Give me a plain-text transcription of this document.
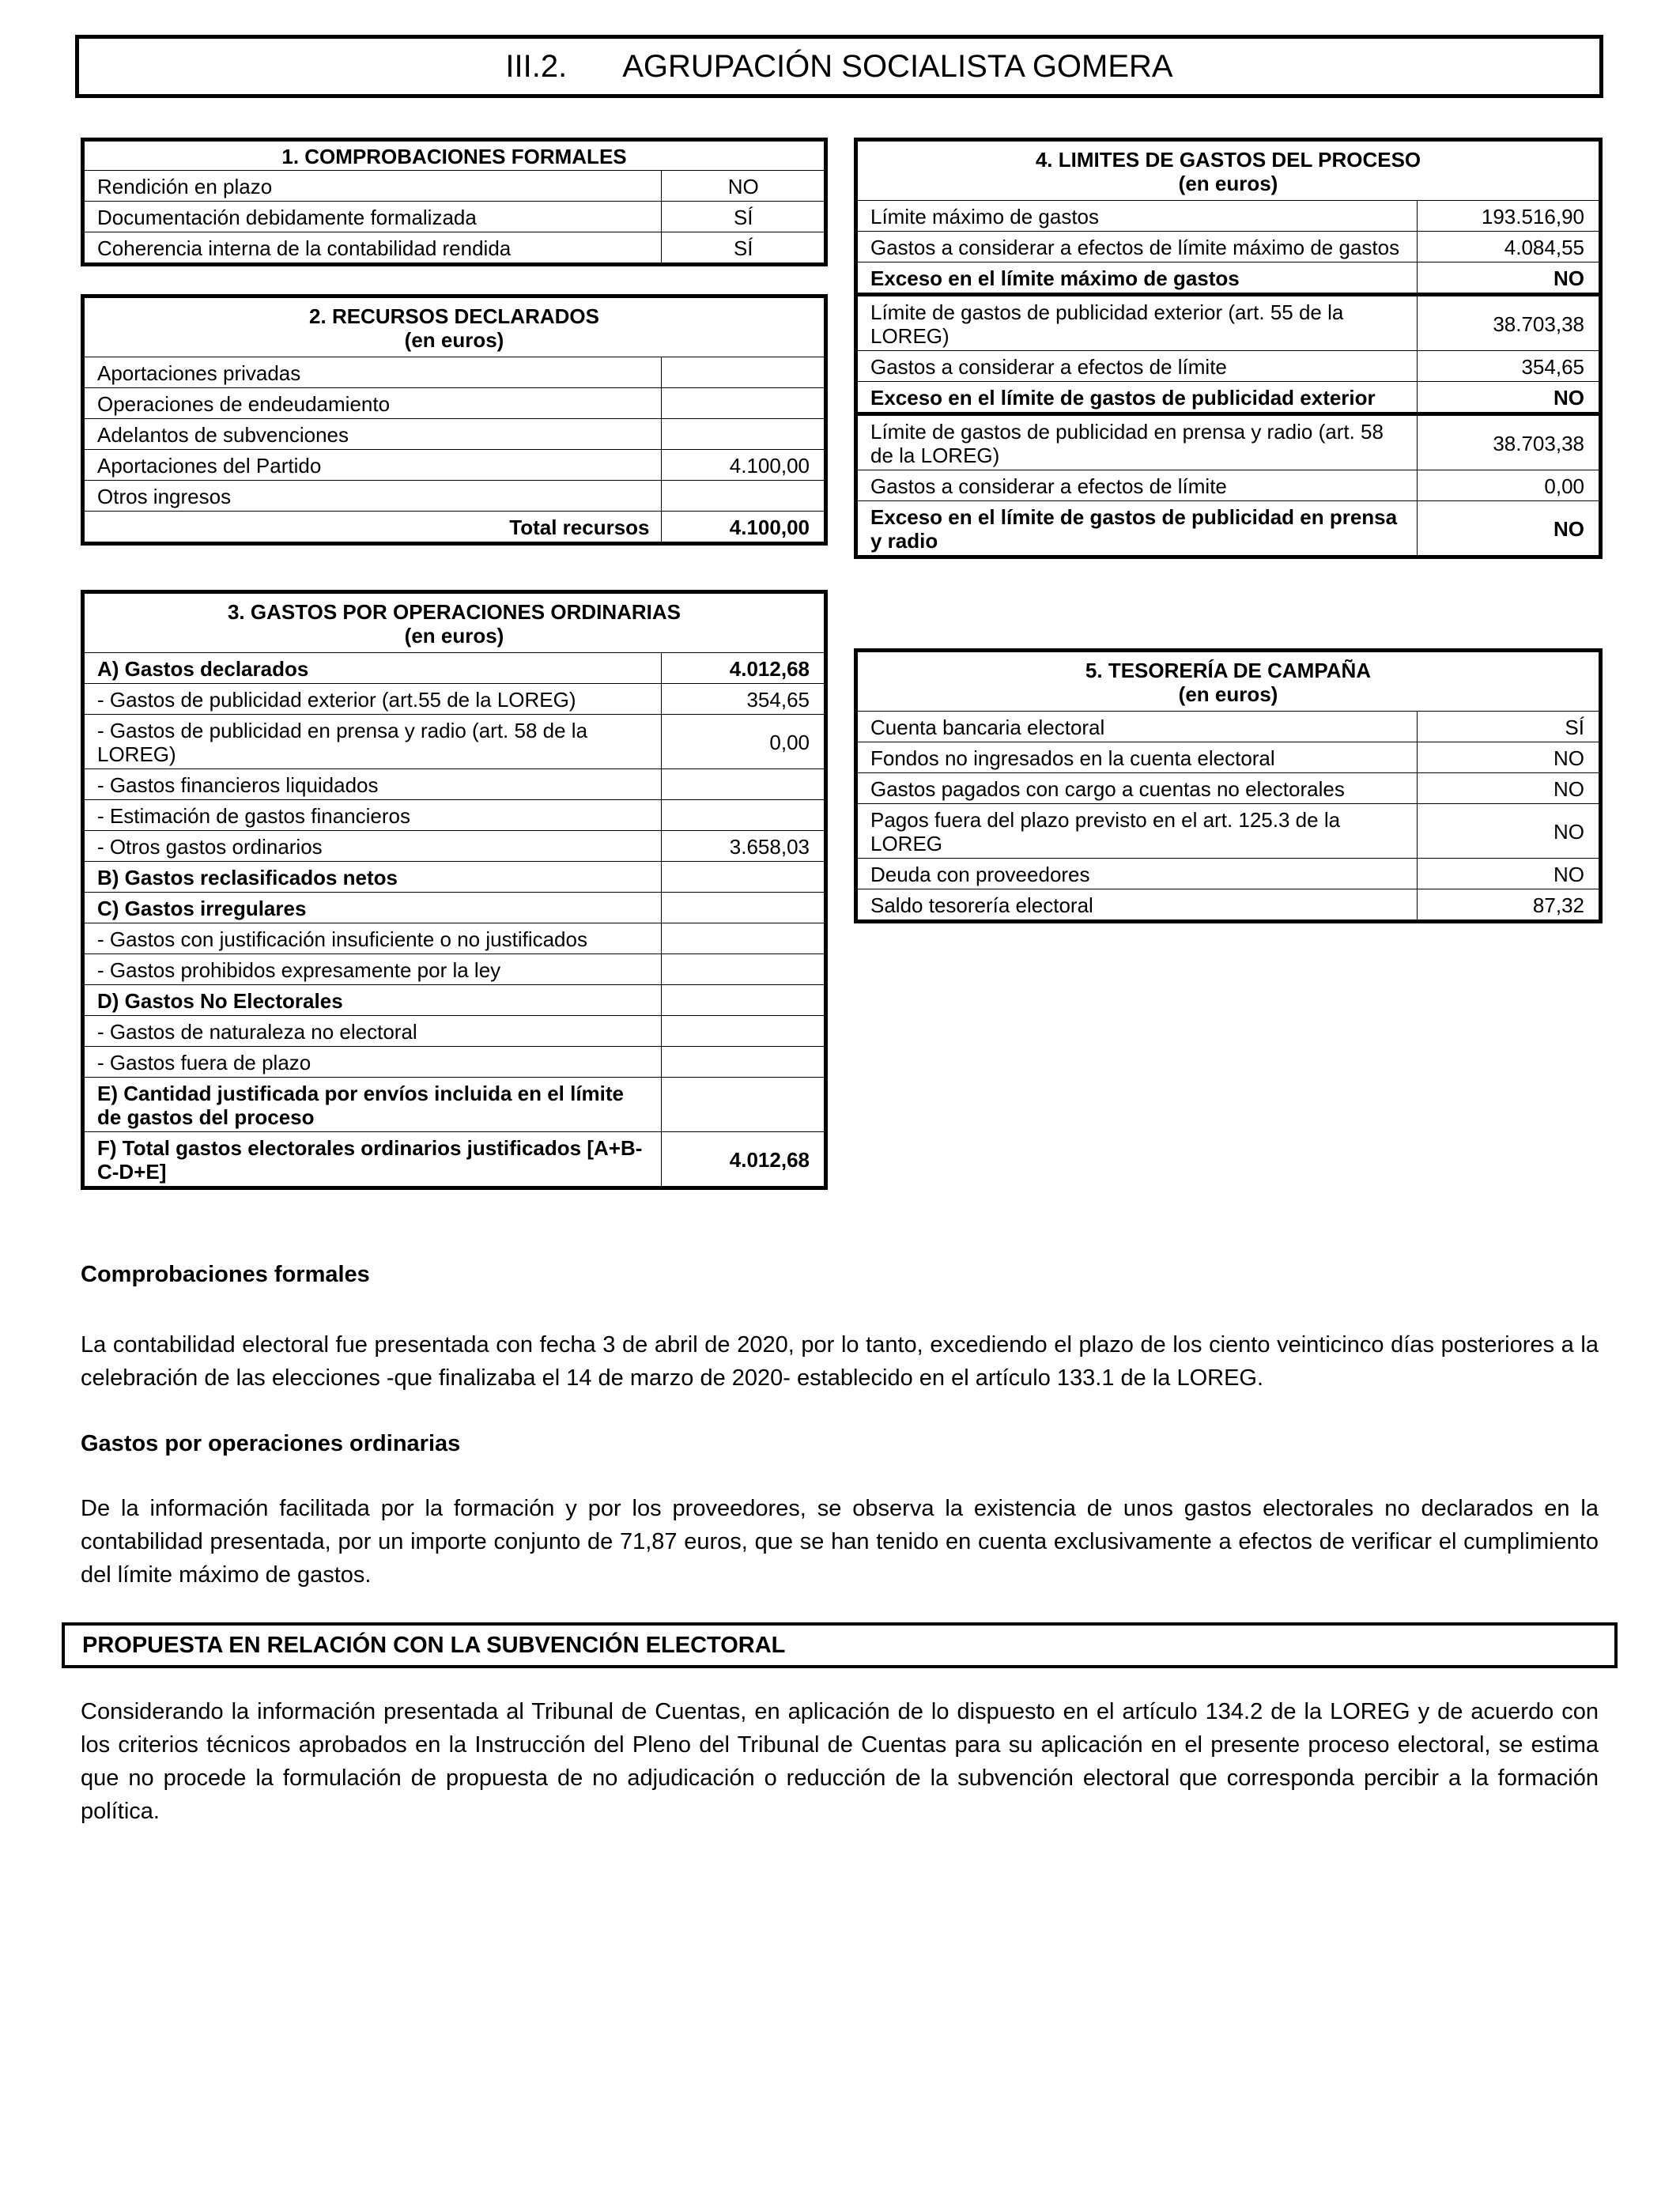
III.2. AGRUPACIÓN SOCIALISTA GOMERA
1. COMPROBACIONES FORMALES	
Rendición en plazo	NO
Documentación debidamente formalizada	SÍ
Coherencia interna de la contabilidad rendida	SÍ
2. RECURSOS DECLARADOS
(en euros)	

Aportaciones privadas	
Operaciones de endeudamiento	
Adelantos de subvenciones	
Aportaciones del Partido	4.100,00
Otros ingresos	
Total recursos	4.100,00
3. GASTOS POR OPERACIONES ORDINARIAS
(en euros)	

A) Gastos declarados	4.012,68
- Gastos de publicidad exterior (art.55 de la LOREG)	354,65
- Gastos de publicidad en prensa y radio (art. 58 de la LOREG)	0,00
- Gastos financieros liquidados	
- Estimación de gastos financieros	
- Otros gastos ordinarios	3.658,03
B) Gastos reclasificados netos	
C) Gastos irregulares	
- Gastos con justificación insuficiente o no justificados	
- Gastos prohibidos expresamente por la ley	
D) Gastos No Electorales	
- Gastos de naturaleza no electoral	
- Gastos fuera de plazo	
E) Cantidad justificada por envíos incluida en el límite de gastos del proceso	
F) Total gastos electorales ordinarios justificados [A+B-C-D+E]	4.012,68
4. LIMITES DE GASTOS DEL PROCESO
(en euros)	

Límite máximo de gastos	193.516,90
Gastos a considerar a efectos de límite máximo de gastos	4.084,55
Exceso en el límite máximo de gastos	NO
Límite de gastos de publicidad exterior (art. 55 de la LOREG)	38.703,38
Gastos a considerar a efectos de límite	354,65
Exceso en el límite de gastos de publicidad exterior	NO
Límite de gastos de publicidad en prensa y radio (art. 58 de la LOREG)	38.703,38
Gastos a considerar a efectos de límite	0,00
Exceso en el límite de gastos de publicidad en prensa y radio	NO
5. TESORERÍA DE CAMPAÑA
(en euros)	

Cuenta bancaria electoral	SÍ
Fondos no ingresados en la cuenta electoral	NO
Gastos pagados con cargo a cuentas no electorales	NO
Pagos fuera del plazo previsto en el art. 125.3 de la LOREG	NO
Deuda con proveedores	NO
Saldo tesorería electoral	87,32
Comprobaciones formales
La contabilidad electoral fue presentada con fecha 3 de abril de 2020, por lo tanto, excediendo el plazo de los ciento veinticinco días posteriores a la celebración de las elecciones -que finalizaba el 14 de marzo de 2020- establecido en el artículo 133.1 de la LOREG.
Gastos por operaciones ordinarias
De la información facilitada por la formación y por los proveedores, se observa la existencia de unos gastos electorales no declarados en la contabilidad presentada, por un importe conjunto de 71,87 euros, que se han tenido en cuenta exclusivamente a efectos de verificar el cumplimiento del límite máximo de gastos.
PROPUESTA EN RELACIÓN CON LA SUBVENCIÓN ELECTORAL
Considerando la información presentada al Tribunal de Cuentas, en aplicación de lo dispuesto en el artículo 134.2 de la LOREG y de acuerdo con los criterios técnicos aprobados en la Instrucción del Pleno del Tribunal de Cuentas para su aplicación en el presente proceso electoral, se estima que no procede la formulación de propuesta de no adjudicación o reducción de la subvención electoral que corresponda percibir a la formación política.
